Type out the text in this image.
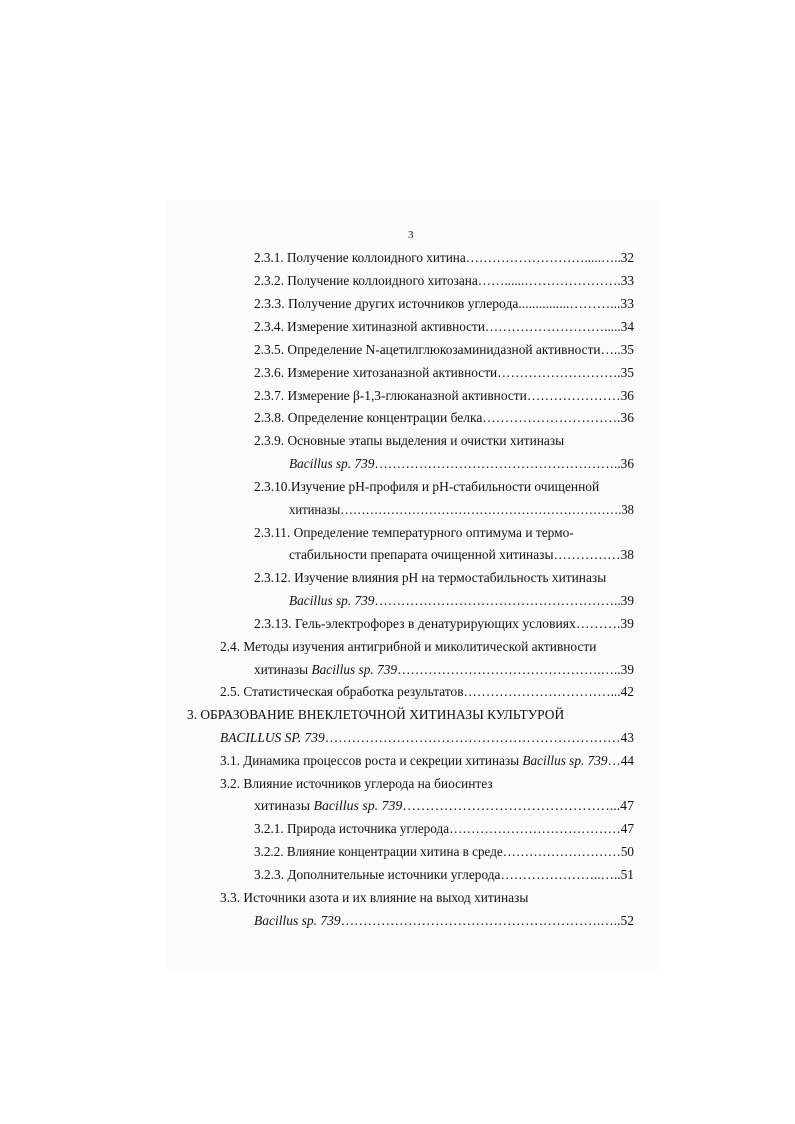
3
2.3.1. Получение коллоидного хитина……………………….....…..32
2.3.2. Получение коллоидного хитозана……......………………….33
2.3.3. Получение других источников углерода...............………...33
2.3.4. Измерение хитиназной активности……………………….....34
2.3.5. Определение N-ацетилглюкозаминидазной активности…..35
2.3.6. Измерение хитозаназной активности……………………….35
2.3.7. Измерение β-1,3-глюканазной активности…………………36
2.3.8. Определение концентрации белка………………………….36
2.3.9. Основные этапы выделения и очистки хитиназы
Bacillus sp. 739………………………………………………..36
2.3.10.Изучение рН-профиля и рН-стабильности очищенной
хитиназы………………………………………………………….38
2.3.11. Определение температурного оптимума и термо-
стабильности препарата очищенной хитиназы……………38
2.3.12. Изучение влияния рН на термостабильность хитиназы
Bacillus sp. 739………………………………………………..39
2.3.13. Гель-электрофорез в денатурирующих условиях……….39
2.4. Методы изучения антигрибной и миколитической активности
хитиназы Bacillus sp. 739……………………………………….…..39
2.5. Статистическая обработка результатов……………………………...42
3. ОБРАЗОВАНИЕ ВНЕКЛЕТОЧНОЙ ХИТИНАЗЫ КУЛЬТУРОЙ
BACILLUS SP. 739…………………………………………………………43
3.1. Динамика процессов роста и секреции хитиназы Bacillus sp. 739…44
3.2. Влияние источников углерода на биосинтез
хитиназы Bacillus sp. 739………………………………………...47
3.2.1. Природа источника углерода…………………………………47
3.2.2. Влияние концентрации хитина в среде………………………50
3.2.3. Дополнительные источники углерода…………………..…..51
3.3. Источники азота и их влияние на выход хитиназы
Bacillus sp. 739………………………………………………….…..52
